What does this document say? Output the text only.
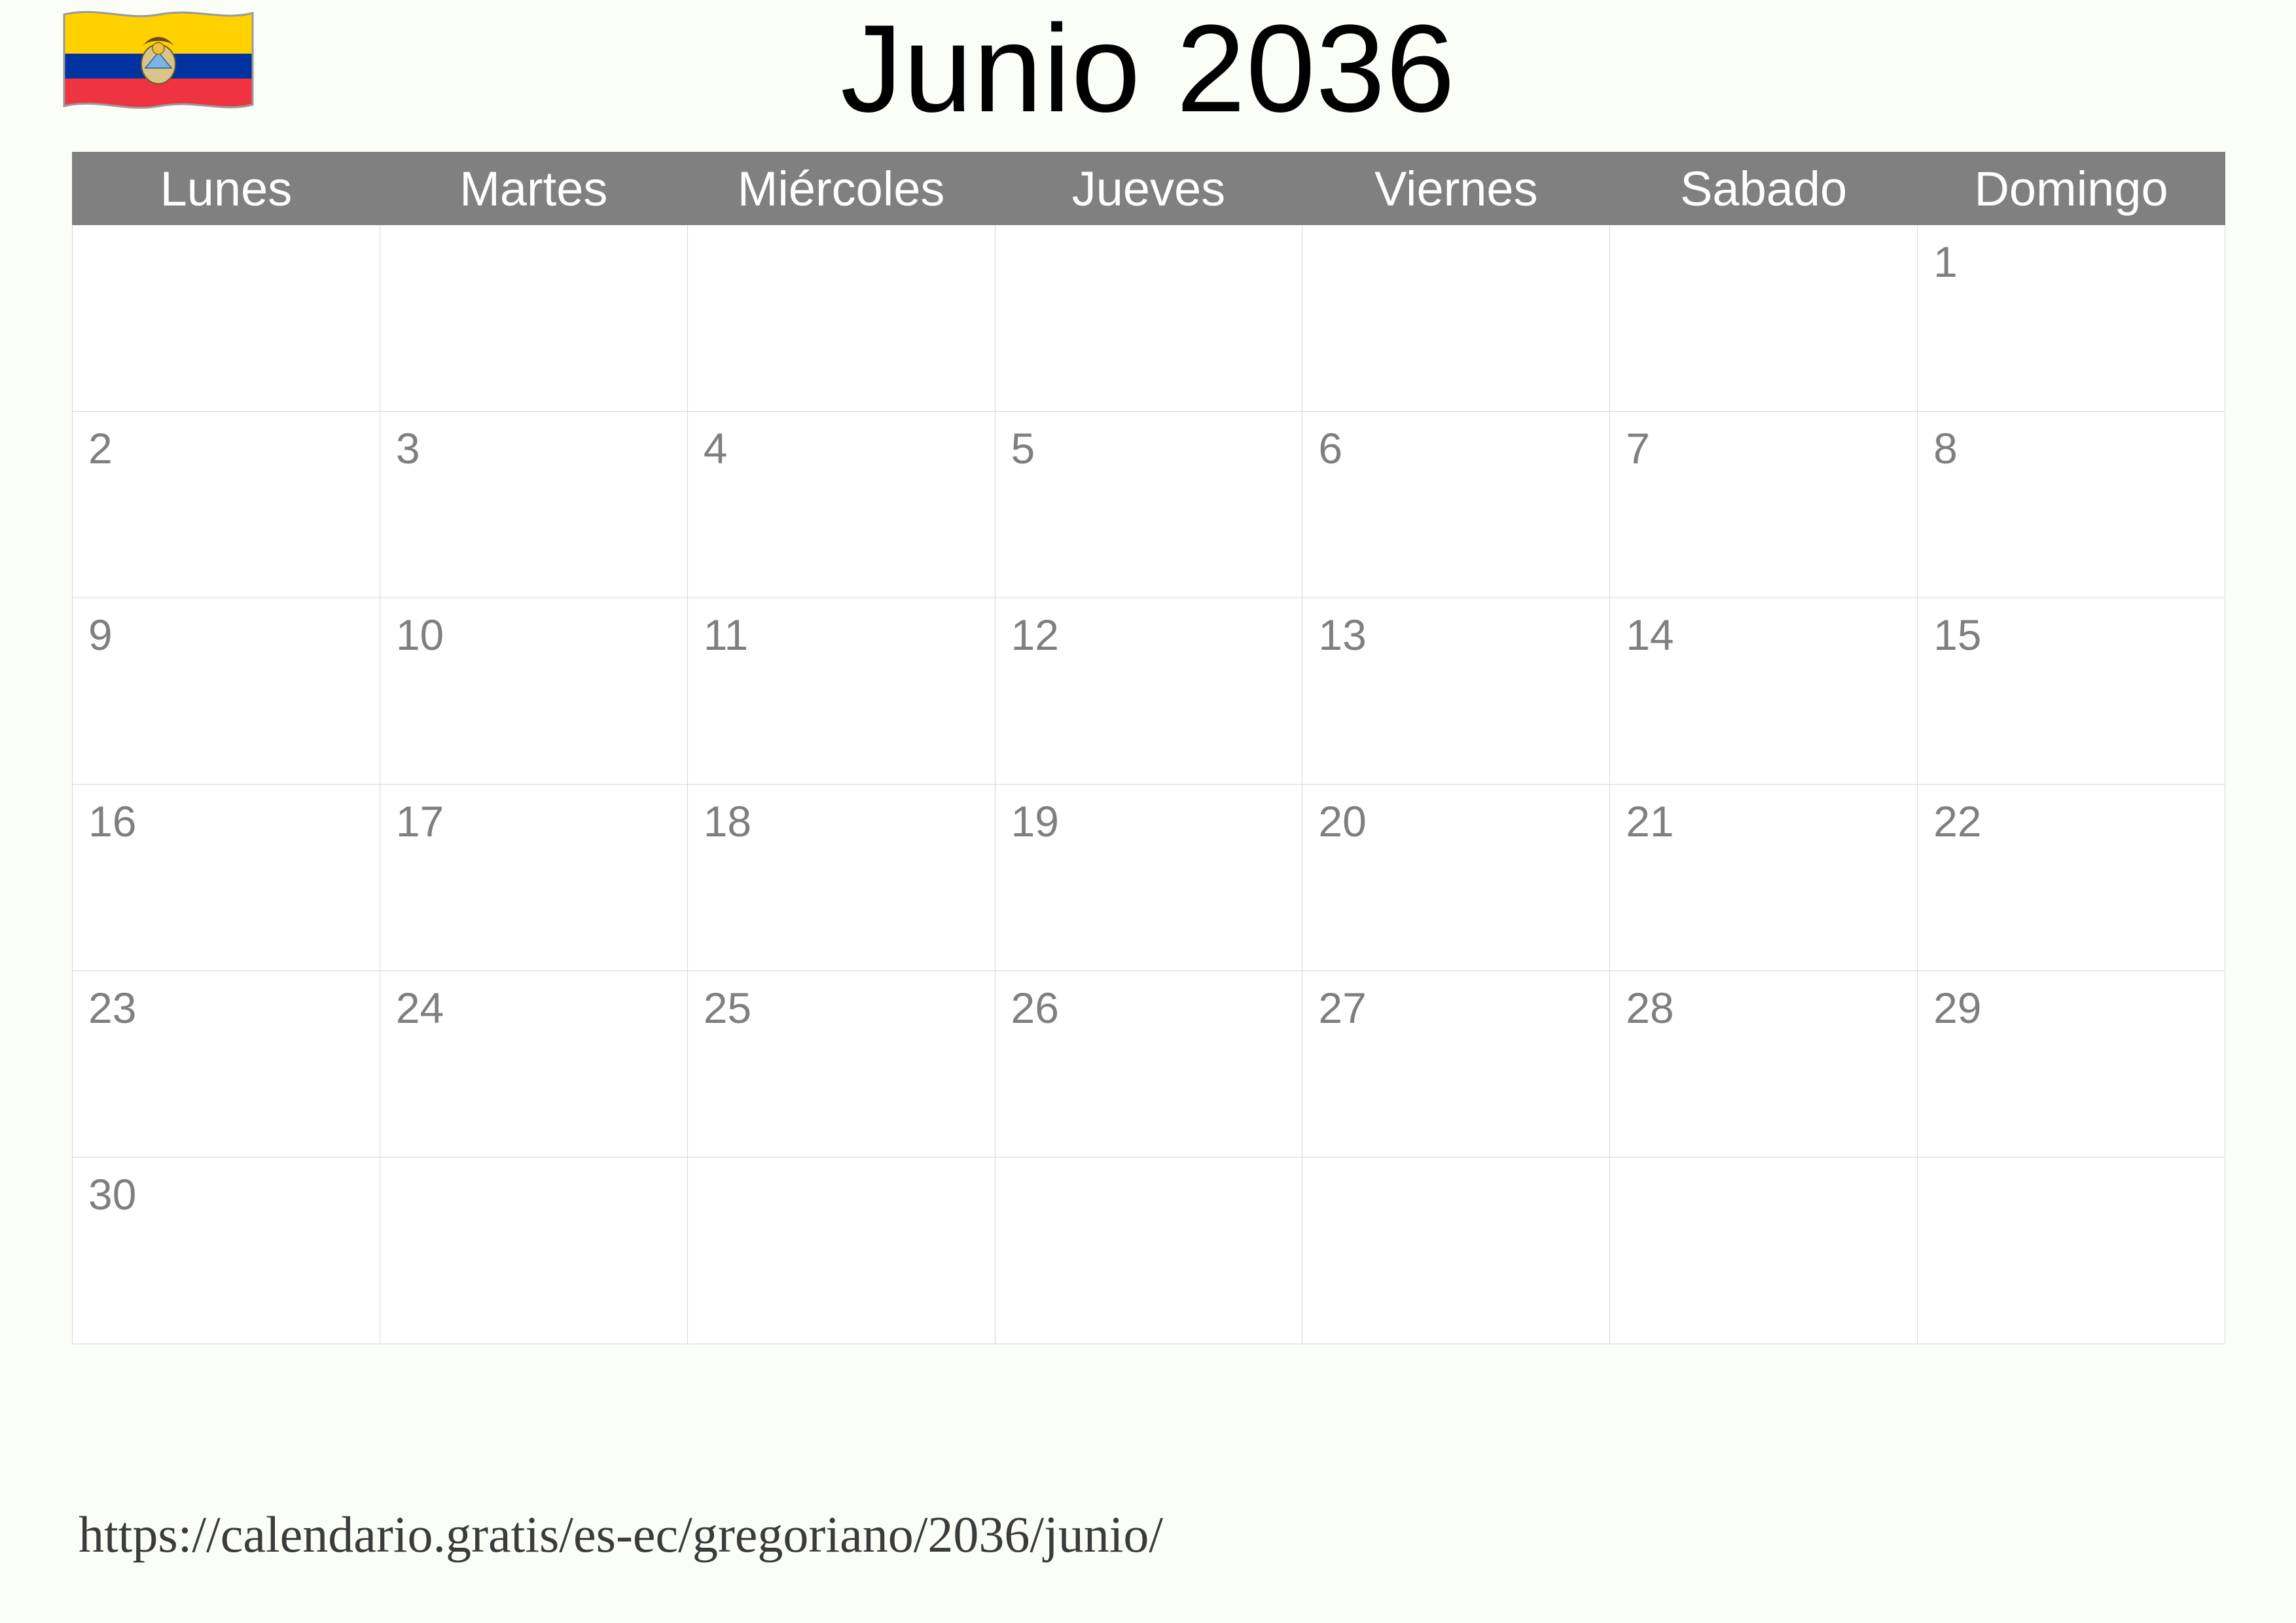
Junio 2036
Lunes	Martes	Miércoles	Jueves	Viernes	Sabado	Domingo

						1

2	3	4	5	6	7	8

9	10	11	12	13	14	15

16	17	18	19	20	21	22

23	24	25	26	27	28	29

30						

https://calendario.gratis/es-ec/gregoriano/2036/junio/
